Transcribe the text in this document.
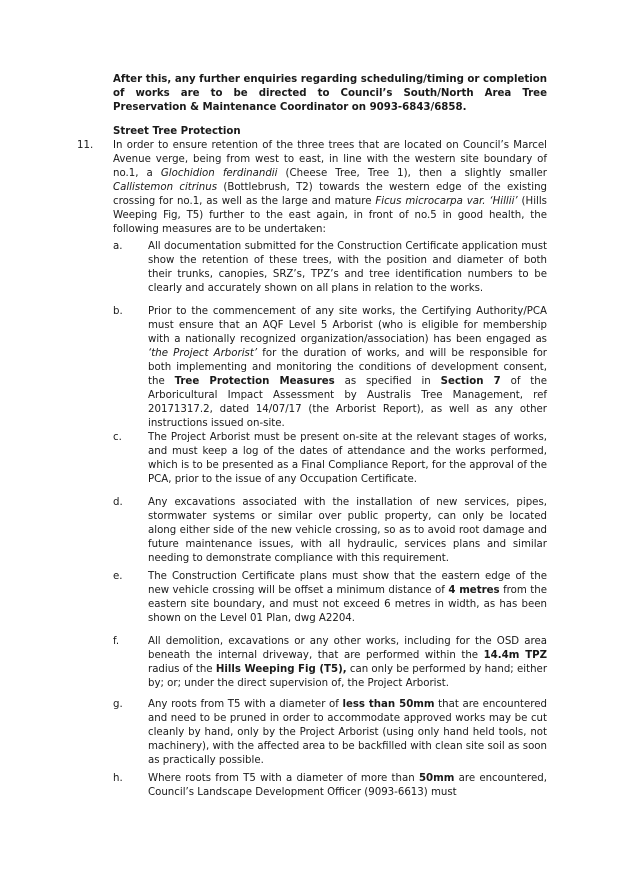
After this, any further enquiries regarding scheduling/timing or completion of works are to be directed to Council’s South/North Area Tree Preservation & Maintenance Coordinator on 9093-6843/6858.
Street Tree Protection
11. In order to ensure retention of the three trees that are located on Council’s Marcel Avenue verge, being from west to east, in line with the western site boundary of no.1, a Glochidion ferdinandii (Cheese Tree, Tree 1), then a slightly smaller Callistemon citrinus (Bottlebrush, T2) towards the western edge of the existing crossing for no.1, as well as the large and mature Ficus microcarpa var. ‘Hillii’ (Hills Weeping Fig, T5) further to the east again, in front of no.5 in good health, the following measures are to be undertaken:
a.	All documentation submitted for the Construction Certificate application must show the retention of these trees, with the position and diameter of both their trunks, canopies, SRZ’s, TPZ’s and tree identification numbers to be clearly and accurately shown on all plans in relation to the works.
b. Prior to the commencement of any site works, the Certifying Authority/PCA must ensure that an AQF Level 5 Arborist (who is eligible for membership with a nationally recognized organization/association) has been engaged as ‘the Project Arborist’ for the duration of works, and will be responsible for both implementing and monitoring the conditions of development consent, the Tree Protection Measures as specified in Section 7 of the Arboricultural Impact Assessment by Australis Tree Management, ref 20171317.2, dated 14/07/17 (the Arborist Report), as well as any other instructions issued on-site.
c.	The Project Arborist must be present on-site at the relevant stages of works, and must keep a log of the dates of attendance and the works performed, which is to be presented as a Final Compliance Report, for the approval of the PCA, prior to the issue of any Occupation Certificate.
d. Any excavations associated with the installation of new services, pipes, stormwater systems or similar over public property, can only be located along either side of the new vehicle crossing, so as to avoid root damage and future maintenance issues, with all hydraulic, services plans and similar needing to demonstrate compliance with this requirement.
e. The Construction Certificate plans must show that the eastern edge of the new vehicle crossing will be offset a minimum distance of 4 metres from the eastern site boundary, and must not exceed 6 metres in width, as has been shown on the Level 01 Plan, dwg A2204.
f.	All demolition, excavations or any other works, including for the OSD area beneath the internal driveway, that are performed within the 14.4m TPZ radius of the Hills Weeping Fig (T5), can only be performed by hand; either by; or; under the direct supervision of, the Project Arborist.
g. Any roots from T5 with a diameter of less than 50mm that are encountered and need to be pruned in order to accommodate approved works may be cut cleanly by hand, only by the Project Arborist (using only hand held tools, not machinery), with the affected area to be backfilled with clean site soil as soon as practically possible.
h. Where roots from T5 with a diameter of more than 50mm are encountered, Council’s Landscape Development Officer (9093-6613) must
